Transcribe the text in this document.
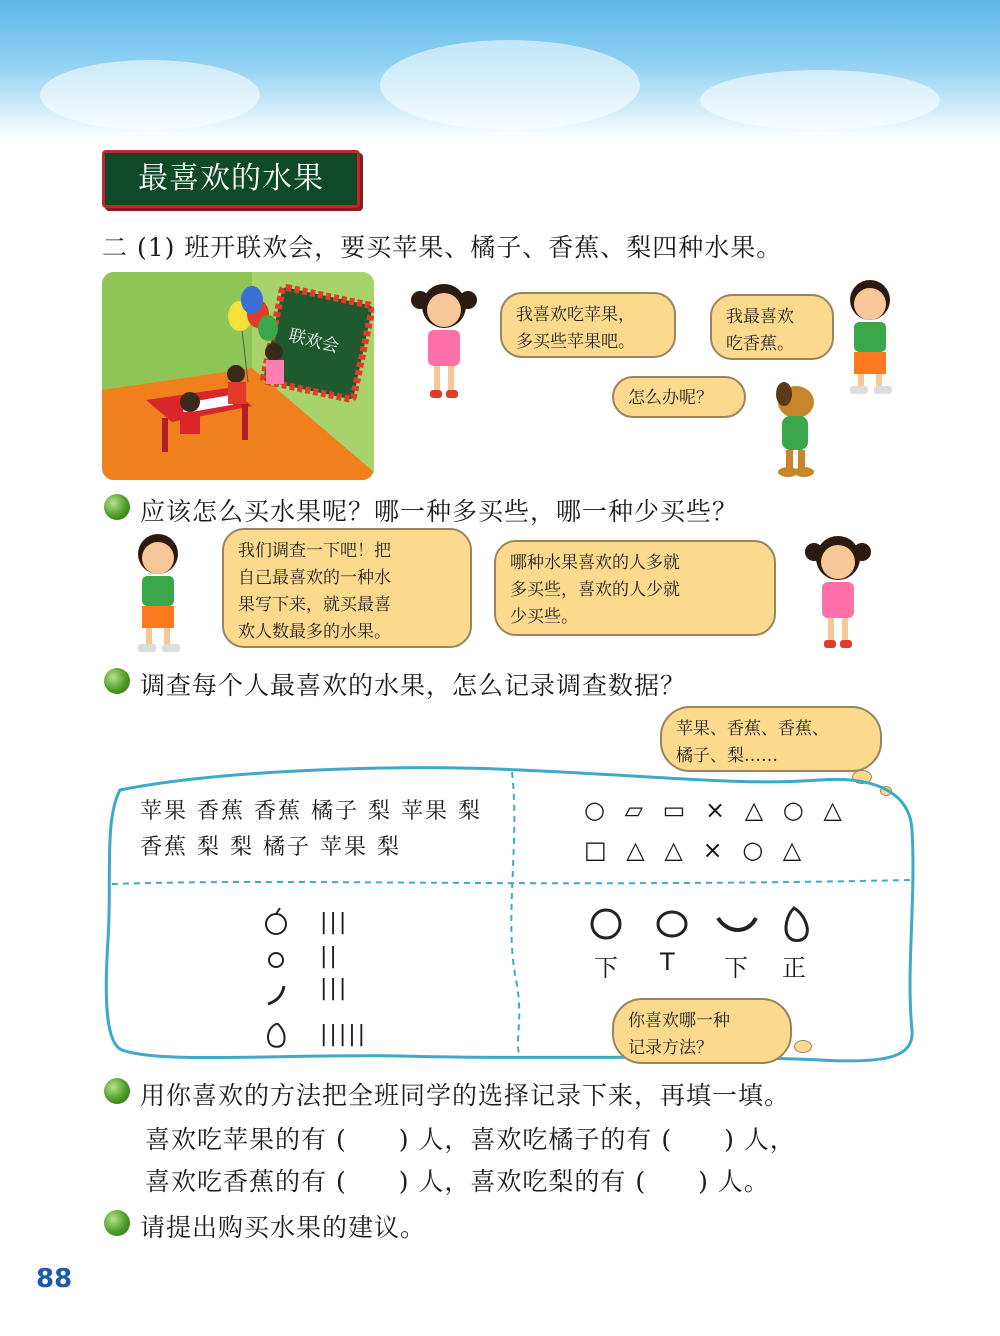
最喜欢的水果
二 (1) 班开联欢会，要买苹果、橘子、香蕉、梨四种水果。
联欢会
我喜欢吃苹果，
多买些苹果吧。
我最喜欢
吃香蕉。
怎么办呢？
应该怎么买水果呢？哪一种多买些，哪一种少买些？
我们调查一下吧！把
自己最喜欢的一种水
果写下来，就买最喜
欢人数最多的水果。
哪种水果喜欢的人多就
多买些，喜欢的人少就
少买些。
调查每个人最喜欢的水果，怎么记录调查数据？
苹果、香蕉、香蕉、
橘子、梨……
苹果 香蕉 香蕉 橘子 梨 苹果 梨
香蕉 梨 梨 橘子 苹果 梨
○ ▱ ▭ × △ ○ △
□ △ △ × ○ △
|||
||
|||
|||||
下 T 下 正
你喜欢哪一种
记录方法？
用你喜欢的方法把全班同学的选择记录下来，再填一填。
喜欢吃苹果的有 (　　) 人，喜欢吃橘子的有 (　　) 人，
喜欢吃香蕉的有 (　　) 人，喜欢吃梨的有 (　　) 人。
请提出购买水果的建议。
88
